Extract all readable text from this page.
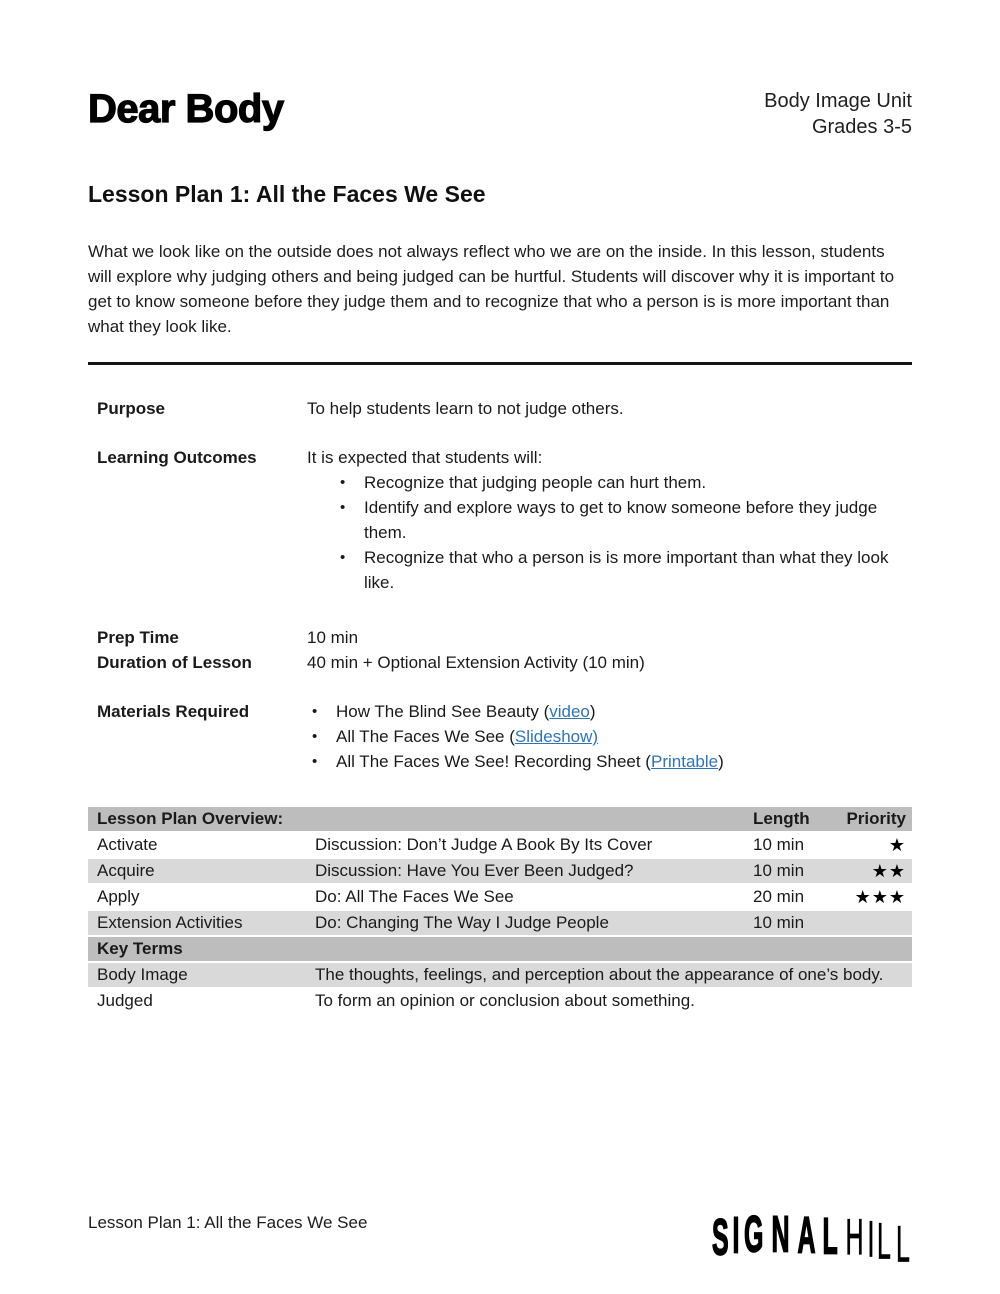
Dear Body	Body Image Unit
Grades 3-5
Lesson Plan 1: All the Faces We See
What we look like on the outside does not always reflect who we are on the inside. In this lesson, students will explore why judging others and being judged can be hurtful. Students will discover why it is important to get to know someone before they judge them and to recognize that who a person is is more important than what they look like.
Purpose	To help students learn to not judge others.
Learning Outcomes	It is expected that students will:
•	Recognize that judging people can hurt them.
•	Identify and explore ways to get to know someone before they judge them.
•	Recognize that who a person is is more important than what they look like.
Prep Time	10 min
Duration of Lesson	40 min + Optional Extension Activity (10 min)
Materials Required	•	How The Blind See Beauty (video)
•	All The Faces We See (Slideshow)
•	All The Faces We See! Recording Sheet (Printable)
Lesson Plan Overview:		Length	Priority
Activate	Discussion: Don’t Judge A Book By Its Cover	10 min	★
Acquire	Discussion: Have You Ever Been Judged?	10 min	★★
Apply	Do: All The Faces We See	20 min	★★★
Extension Activities	Do: Changing The Way I Judge People	10 min	
Key Terms			
Body Image	The thoughts, feelings, and perception about the appearance of one’s body.		
Judged	To form an opinion or conclusion about something.		
Lesson Plan 1: All the Faces We See	S I G N A L H I L L
